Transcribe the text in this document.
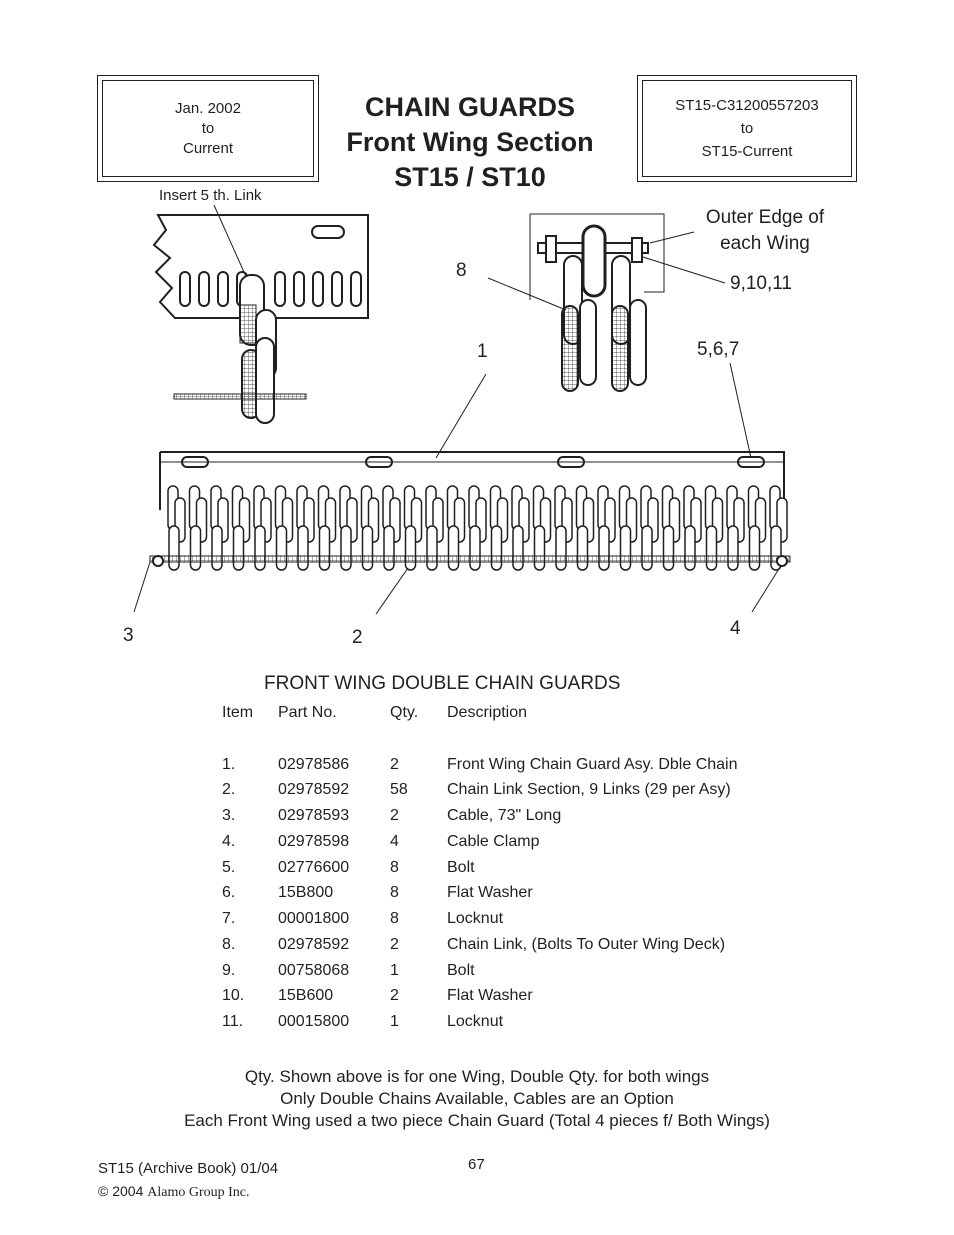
Jan. 2002
to
Current
CHAIN GUARDS
Front Wing Section
ST15 / ST10
ST15-C31200557203
to
ST15-Current
Insert 5 th. Link
Outer Edge of
each Wing
8
9,10,11
1	5,6,7
3	2	4
FRONT WING DOUBLE CHAIN GUARDS
Item Part No.	Qty. Description
1.	02978586	2	Front Wing Chain Guard Asy. Dble Chain
2.	02978592	58 Chain Link Section, 9 Links (29 per Asy)
3.	02978593	2	Cable, 73" Long
4.	02978598	4	Cable Clamp
5.	02776600	8	Bolt
6.	15B800	8	Flat Washer
7.	00001800	8	Locknut
8.	02978592	2	Chain Link, (Bolts To Outer Wing Deck)
9.	00758068	1	Bolt
10. 15B600	2	Flat Washer
11. 00015800	1	Locknut
Qty. Shown above is for one Wing, Double Qty. for both wings
Only Double Chains Available, Cables are an Option
Each Front Wing used a two piece Chain Guard (Total 4 pieces f/ Both Wings)
ST15 (Archive Book) 01/04	67
© 2004 Alamo Group Inc.
